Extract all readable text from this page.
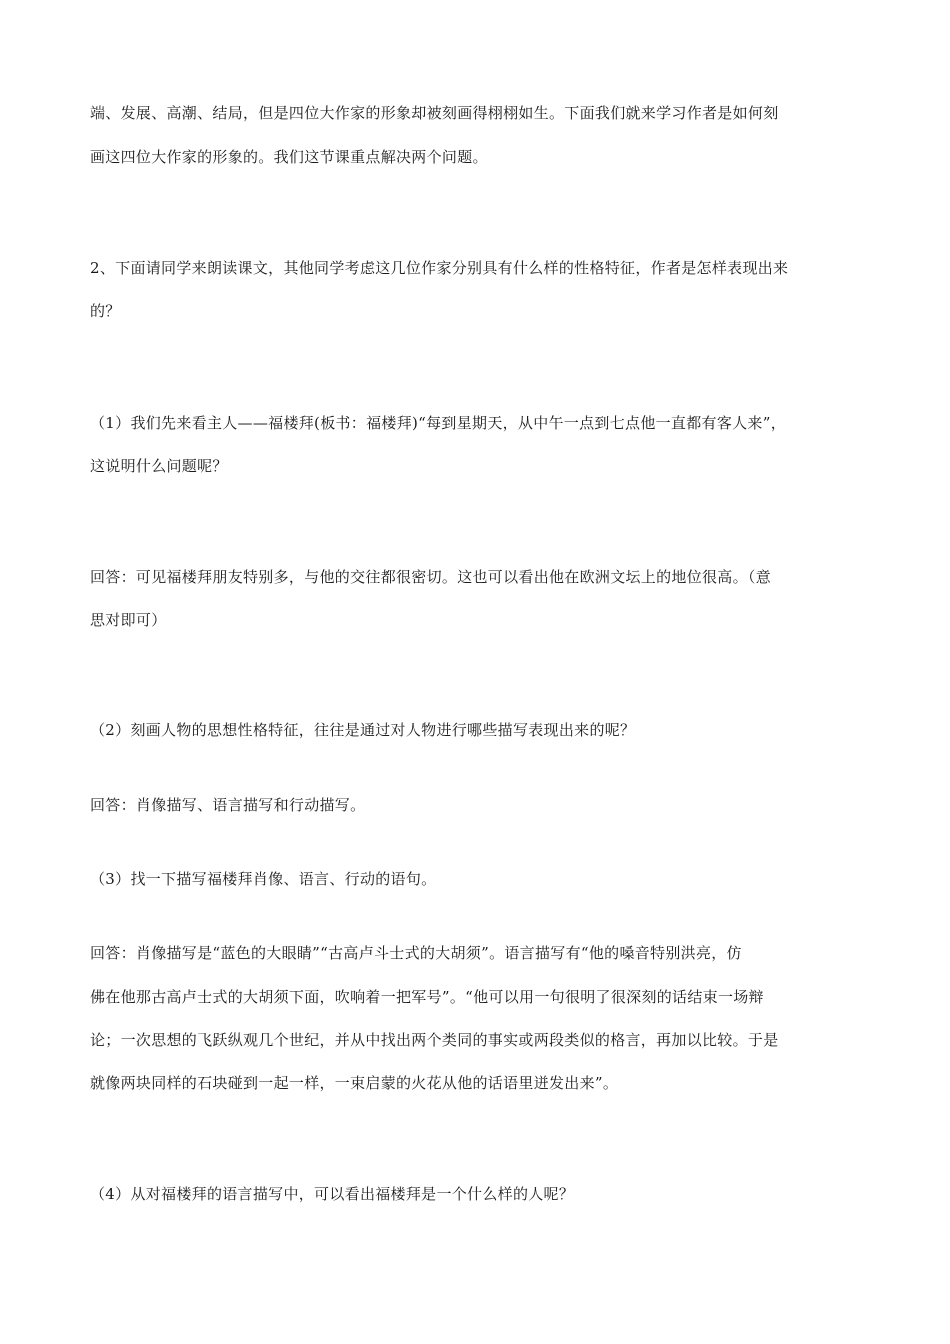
端、发展、高潮、结局，但是四位大作家的形象却被刻画得栩栩如生。下面我们就来学习作者是如何刻
画这四位大作家的形象的。我们这节课重点解决两个问题。
2、下面请同学来朗读课文，其他同学考虑这几位作家分别具有什么样的性格特征，作者是怎样表现出来
的？
（1）我们先来看主人——福楼拜(板书：福楼拜)“每到星期天，从中午一点到七点他一直都有客人来”，
这说明什么问题呢？
回答：可见福楼拜朋友特别多，与他的交往都很密切。这也可以看出他在欧洲文坛上的地位很高。（意
思对即可）
（2）刻画人物的思想性格特征，往往是通过对人物进行哪些描写表现出来的呢？
回答：肖像描写、语言描写和行动描写。
（3）找一下描写福楼拜肖像、语言、行动的语句。
回答：肖像描写是“蓝色的大眼睛”“古高卢斗士式的大胡须”。语言描写有“他的嗓音特别洪亮，仿
佛在他那古高卢士式的大胡须下面，吹响着一把军号”。“他可以用一句很明了很深刻的话结束一场辩
论；一次思想的飞跃纵观几个世纪，并从中找出两个类同的事实或两段类似的格言，再加以比较。于是
就像两块同样的石块碰到一起一样，一束启蒙的火花从他的话语里迸发出来”。
（4）从对福楼拜的语言描写中，可以看出福楼拜是一个什么样的人呢？
